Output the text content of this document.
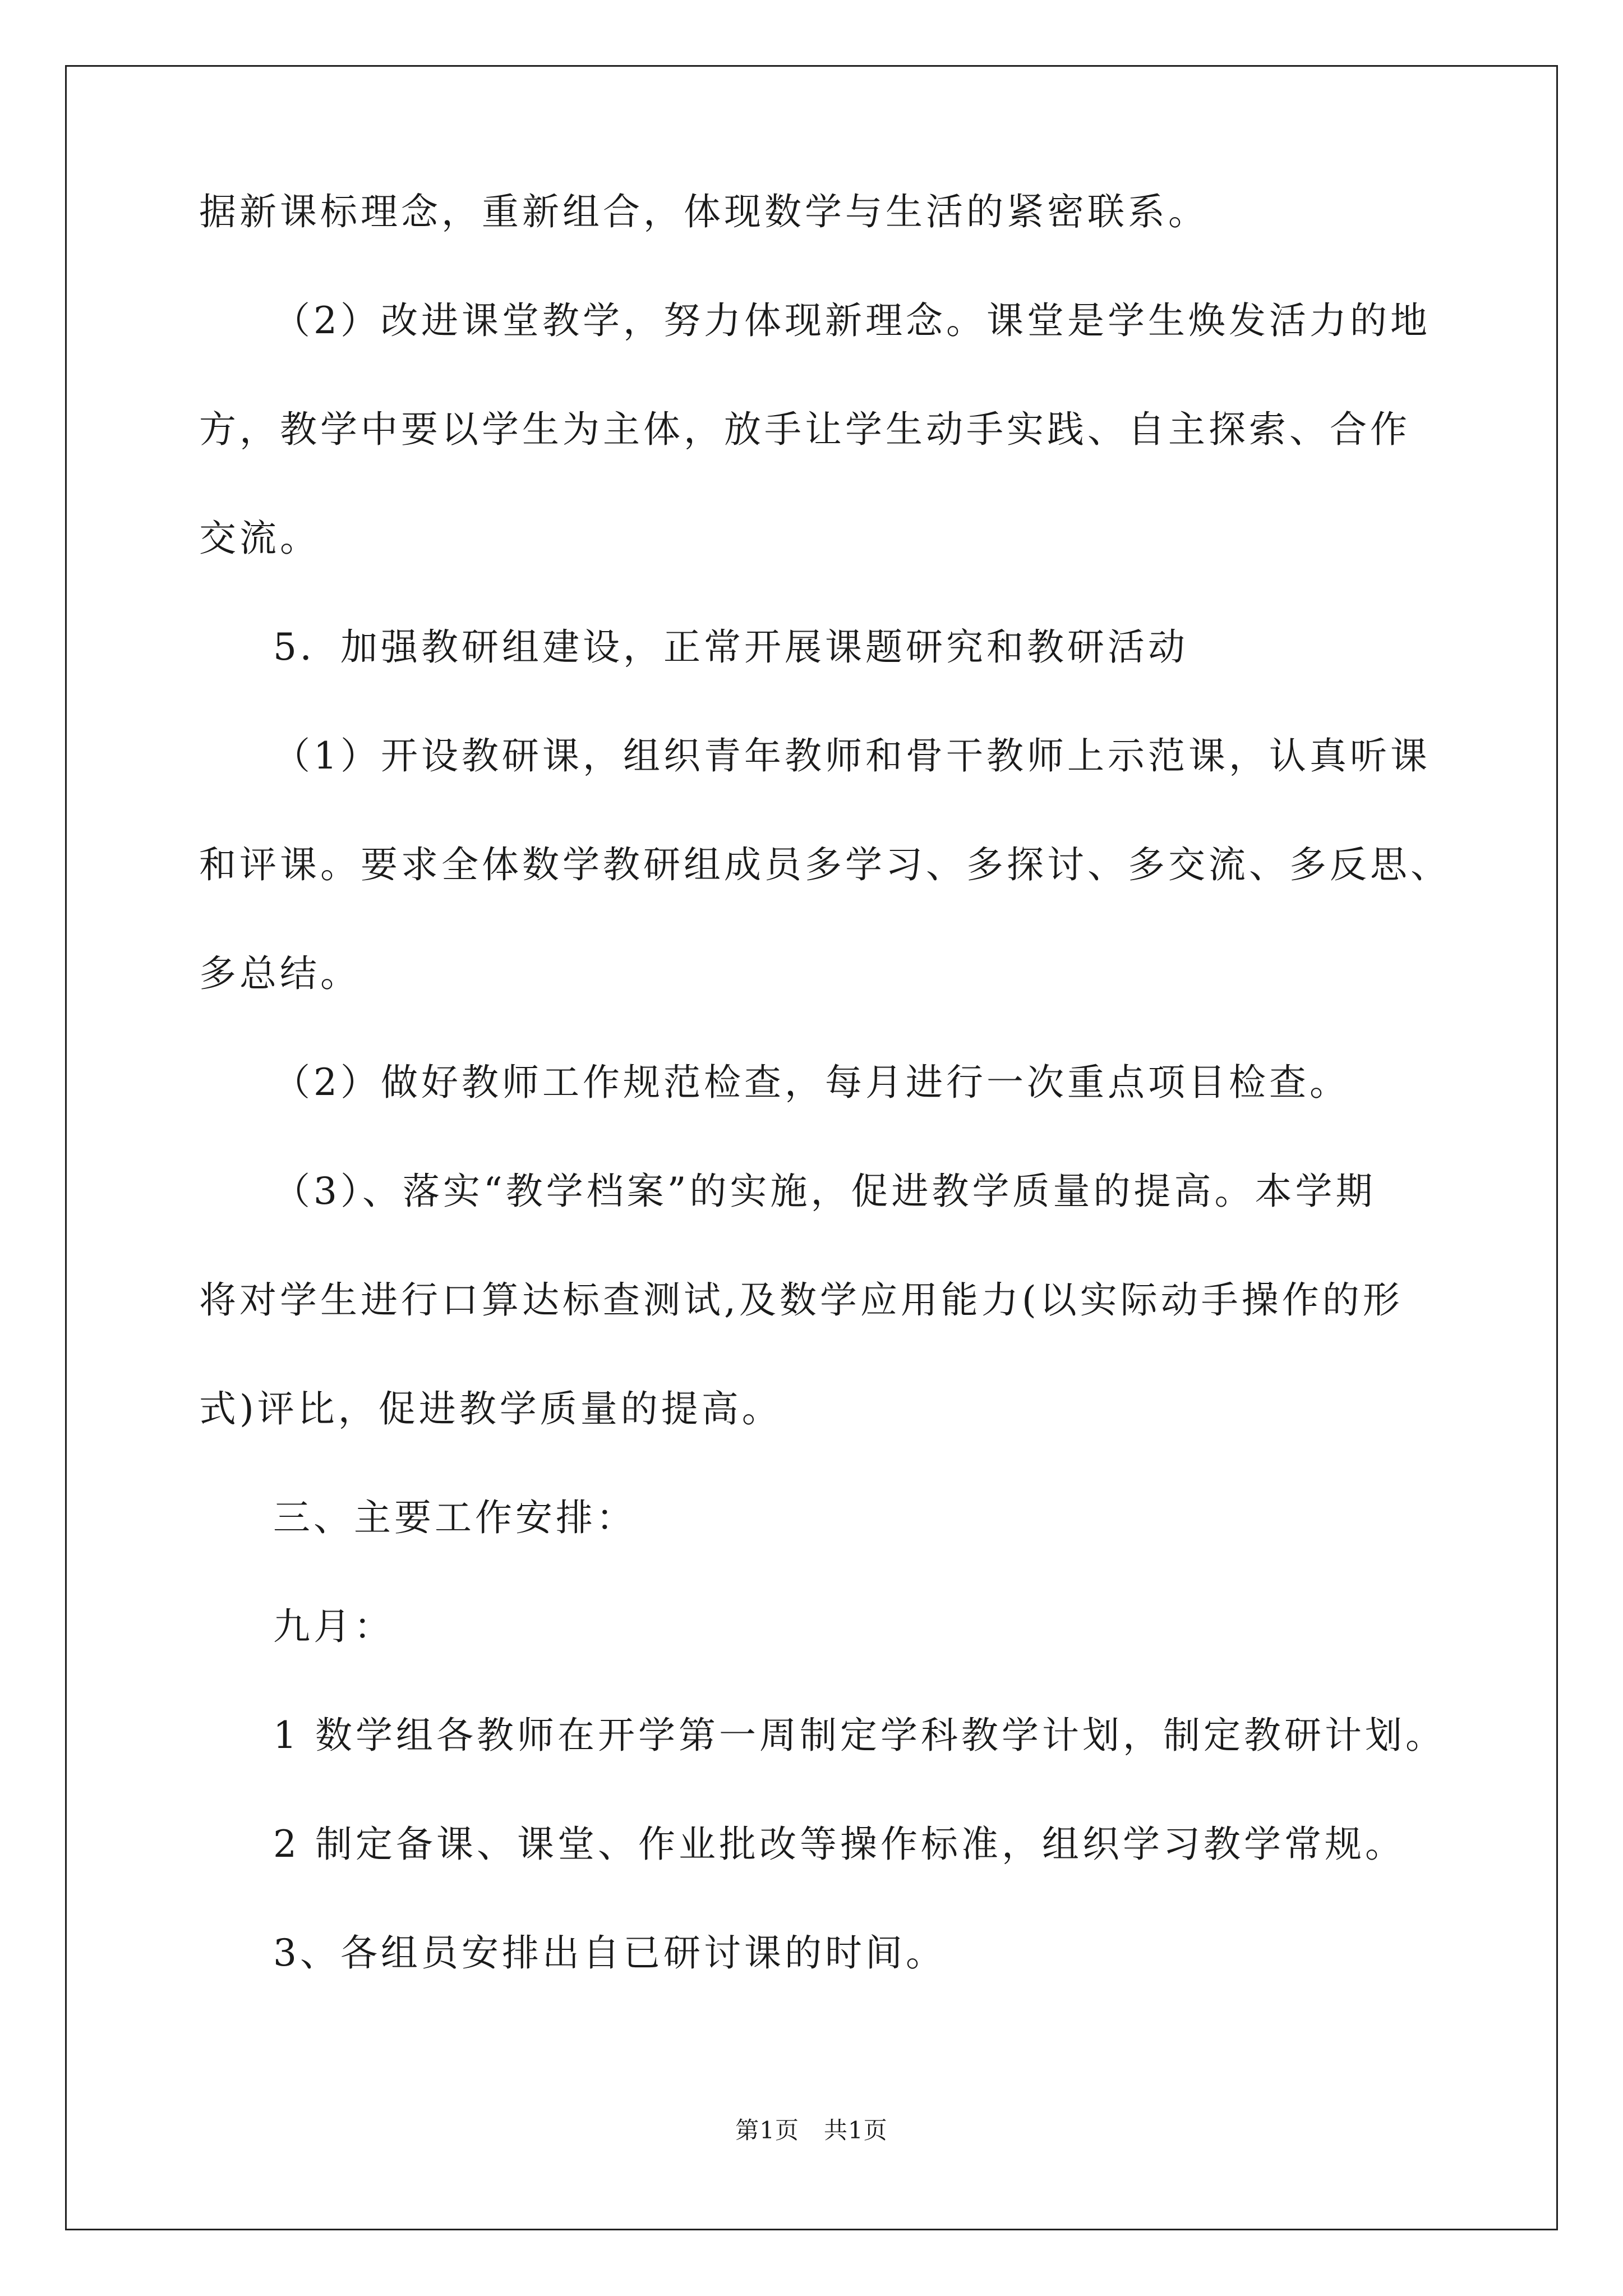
据新课标理念，重新组合，体现数学与生活的紧密联系。
（2）改进课堂教学，努力体现新理念。课堂是学生焕发活力的地
方，教学中要以学生为主体，放手让学生动手实践、自主探索、合作
交流。
5．加强教研组建设，正常开展课题研究和教研活动
（1）开设教研课，组织青年教师和骨干教师上示范课，认真听课
和评课。要求全体数学教研组成员多学习、多探讨、多交流、多反思、
多总结。
（2）做好教师工作规范检查，每月进行一次重点项目检查。
（3）、落实“教学档案”的实施，促进教学质量的提高。本学期
将对学生进行口算达标查测试,及数学应用能力(以实际动手操作的形
式)评比，促进教学质量的提高。
三、主要工作安排：
九月：
1 数学组各教师在开学第一周制定学科教学计划，制定教研计划。
2 制定备课、课堂、作业批改等操作标准，组织学习教学常规。
3、各组员安排出自已研讨课的时间。
第1页 共1页
